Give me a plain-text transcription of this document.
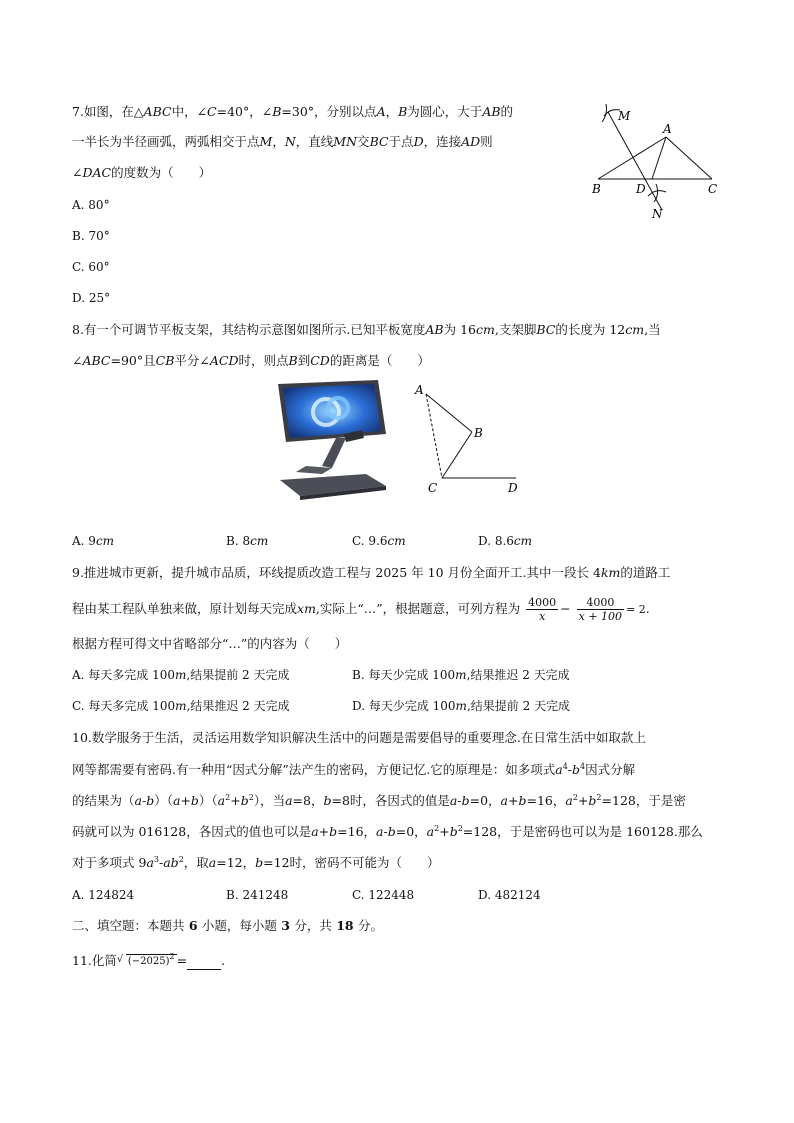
7.如图，在△ABC中，∠C=40°，∠B=30°，分别以点A，B为圆心，大于AB的
一半长为半径画弧，两弧相交于点M，N，直线MN交BC于点D，连接AD则
∠DAC的度数为（　　）
A. 80°
B. 70°
C. 60°
D. 25°
M
A
B	D	C
N
8.有一个可调节平板支架，其结构示意图如图所示.已知平板宽度AB为 16cm,支架脚BC的长度为 12cm,当
∠ABC=90°且CB平分∠ACD时，则点B到CD的距离是（　　）
A
B
C	D
A. 9cm	B. 8cm	C. 9.6cm	D. 8.6cm
9.推进城市更新，提升城市品质，环线提质改造工程与 2025 年 10 月份全面开工.其中一段长 4km的道路工
程由某工程队单独来做，原计划每天完成xm,实际上“…”，根据题意，可列方程为 $\frac{4000}{x} - \frac{4000}{x + 100} = 2$.
根据方程可得文中省略部分“…”的内容为（　　）
A. 每天多完成 100m,结果提前 2 天完成	B. 每天少完成 100m,结果推迟 2 天完成
C. 每天多完成 100m,结果推迟 2 天完成	D. 每天少完成 100m,结果提前 2 天完成
10.数学服务于生活，灵活运用数学知识解决生活中的问题是需要倡导的重要理念.在日常生活中如取款上
网等都需要有密码.有一种用“因式分解”法产生的密码，方便记忆.它的原理是：如多项式$a^4-b^4$因式分解
的结果为$(a-b)(a+b)(a^2+b^2)$，当a=8，b=8时，各因式的值是a-b=0，a+b=16，$a^2+b^2=128$，于是密
码就可以为 016128，各因式的值也可以是a+b=16，a-b=0，$a^2+b^2=128$，于是密码也可以为是 160128.那么
对于多项式 $9a^3-ab^2$，取a=12，b=12时，密码不可能为（　　）
A. 124824	B. 241248	C. 122448	D. 482124
二、填空题：本题共 6 小题，每小题 3 分，共 18 分。
11.化简 √ $(-2025)^2$ =	.
